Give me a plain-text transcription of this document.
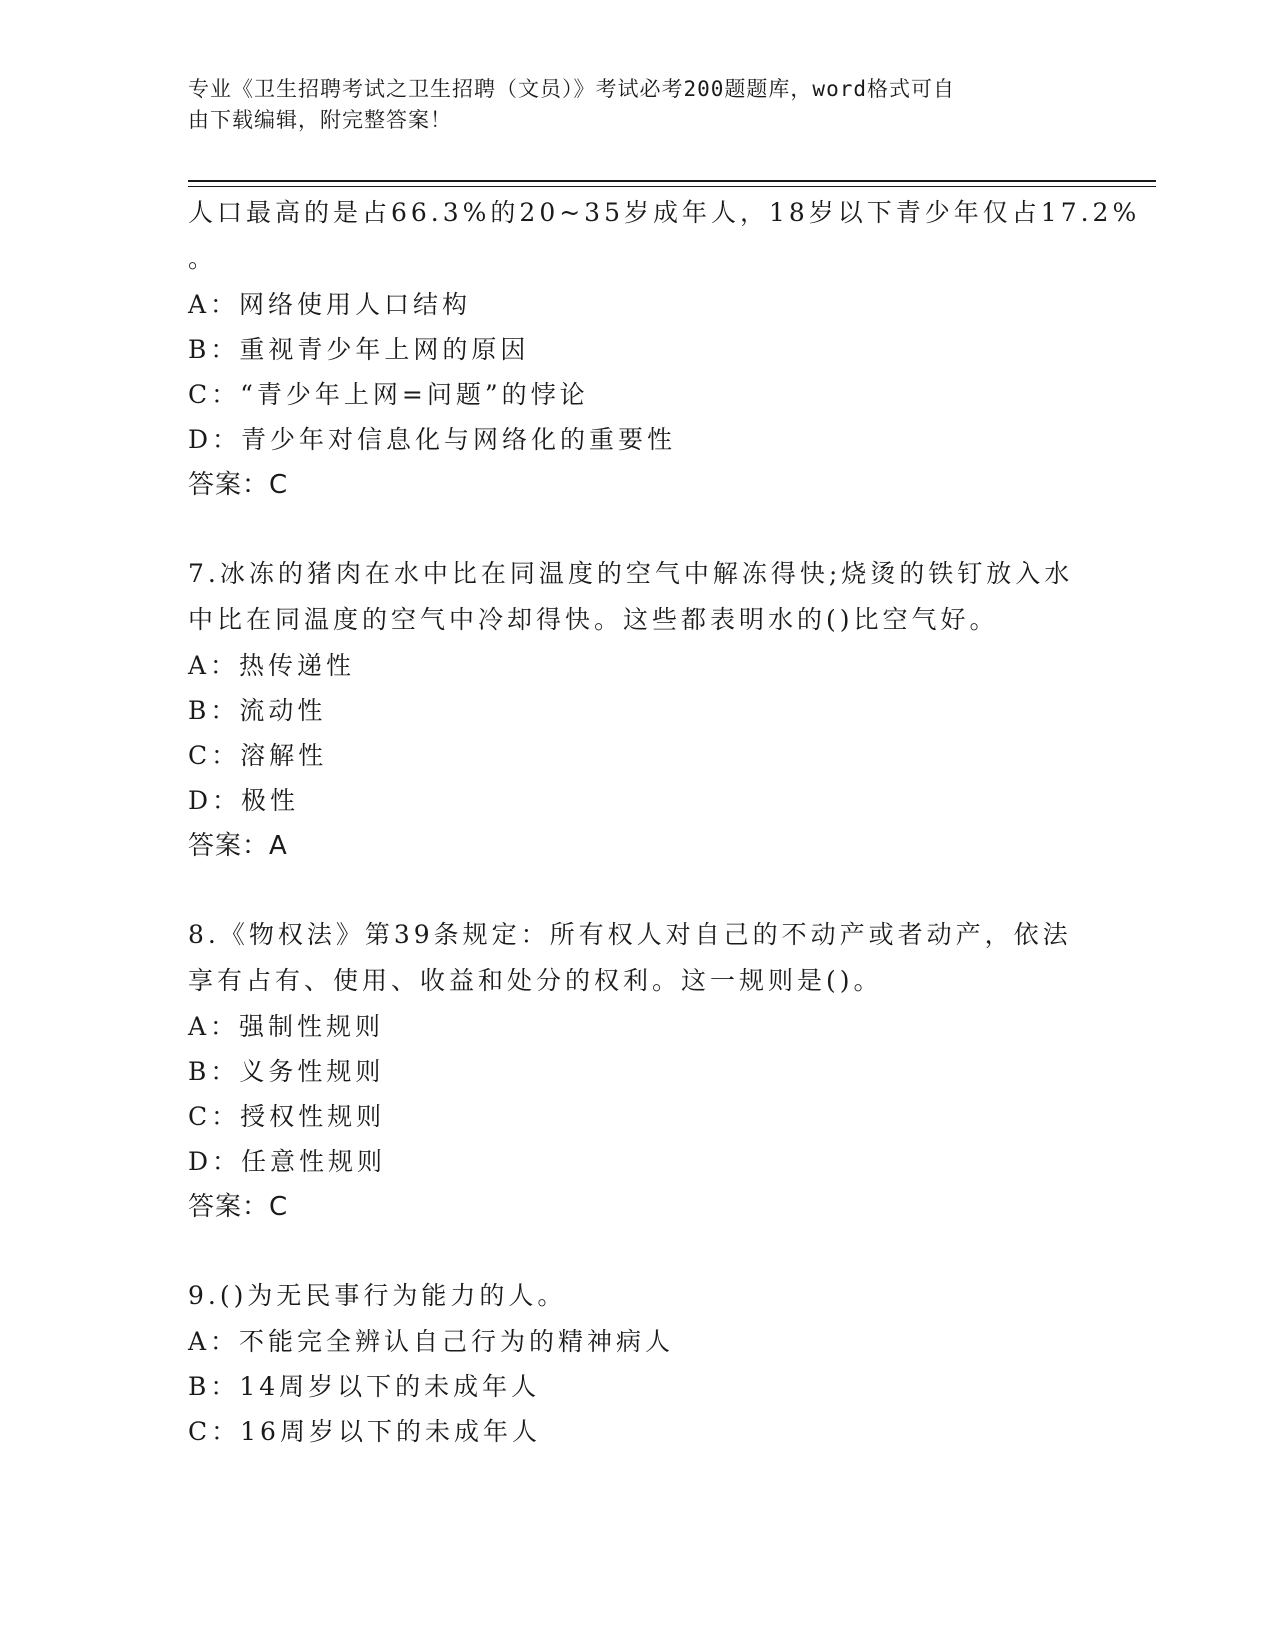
专业《卫生招聘考试之卫生招聘（文员）》考试必考200题题库，word格式可自
由下载编辑，附完整答案！
人口最高的是占66.3%的20~35岁成年人，18岁以下青少年仅占17.2%
。
A：网络使用人口结构
B：重视青少年上网的原因
C：“青少年上网=问题”的悖论
D：青少年对信息化与网络化的重要性
答案：C
7.冰冻的猪肉在水中比在同温度的空气中解冻得快;烧烫的铁钉放入水
中比在同温度的空气中冷却得快。这些都表明水的()比空气好。
A：热传递性
B：流动性
C：溶解性
D：极性
答案：A
8.《物权法》第39条规定：所有权人对自己的不动产或者动产，依法
享有占有、使用、收益和处分的权利。这一规则是()。
A：强制性规则
B：义务性规则
C：授权性规则
D：任意性规则
答案：C
9.()为无民事行为能力的人。
A：不能完全辨认自己行为的精神病人
B：14周岁以下的未成年人
C：16周岁以下的未成年人
